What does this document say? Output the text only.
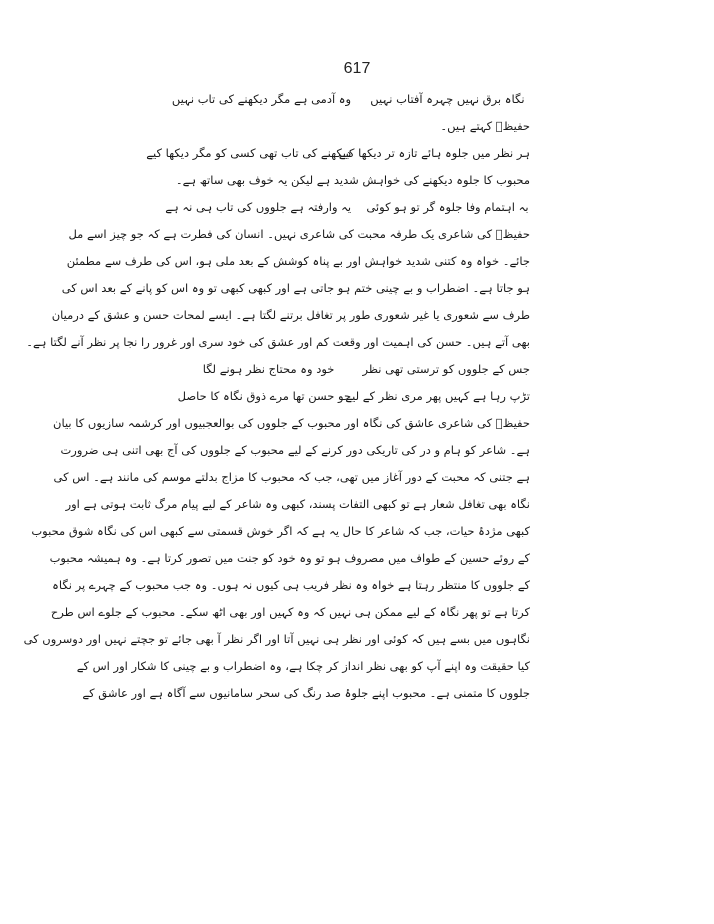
617
نگاہ برق نہیں چہرہ آفتاب نہیں
وہ آدمی ہے مگر دیکھنے کی تاب نہیں
حفیظؔ کہتے ہیں۔
ہر نظر میں جلوہ ہائے تازہ تر دیکھا کیے
دیکھنے کی تاب تھی کسی کو مگر دیکھا کیے
محبوب کا جلوہ دیکھنے کی خواہش شدید ہے لیکن یہ خوف بھی ساتھ ہے۔
بہ اہتمام وفا جلوہ گر تو ہو کوئی
یہ وارفتہ ہے جلووں کی تاب ہی نہ ہے
حفیظؔ کی شاعری یک طرفہ محبت کی شاعری نہیں۔ انسان کی فطرت ہے کہ جو چیز اسے مل
جائے۔ خواہ وہ کتنی شدید خواہش اور بے پناہ کوشش کے بعد ملی ہو، اس کی طرف سے مطمئن
ہو جاتا ہے۔ اضطراب و بے چینی ختم ہو جاتی ہے اور کبھی کبھی تو وہ اس کو پانے کے بعد اس کی
طرف سے شعوری یا غیر شعوری طور پر تغافل برتنے لگتا ہے۔ ایسے لمحات حسن و عشق کے درمیان
بھی آتے ہیں۔ حسن کی اہمیت اور وقعت کم اور عشق کی خود سری اور غرور را نجا پر نظر آنے لگتا ہے۔
جس کے جلووں کو ترستی تھی نظر
خود وہ محتاج نظر ہونے لگا
تڑپ رہا ہے کہیں پھر مری نظر کے لیے
جو حسن تھا مرے ذوق نگاہ کا حاصل
حفیظؔ کی شاعری عاشق کی نگاہ اور محبوب کے جلووں کی بوالعجبیوں اور کرشمہ سازیوں کا بیان
ہے۔ شاعر کو ہام و در کی تاریکی دور کرنے کے لیے محبوب کے جلووں کی آج بھی اتنی ہی ضرورت
ہے جتنی کہ محبت کے دور آغاز میں تھی، جب کہ محبوب کا مزاج بدلتے موسم کی مانند ہے۔ اس کی
نگاہ بھی تغافل شعار ہے تو کبھی التفات پسند، کبھی وہ شاعر کے لیے پیام مرگ ثابت ہوتی ہے اور
کبھی مژدۂ حیات، جب کہ شاعر کا حال یہ ہے کہ اگر خوش قسمتی سے کبھی اس کی نگاہ شوق محبوب
کے روئے حسین کے طواف میں مصروف ہو تو وہ خود کو جنت میں تصور کرتا ہے۔ وہ ہمیشہ محبوب
کے جلووں کا منتظر رہتا ہے خواہ وہ نظر فریب ہی کیوں نہ ہوں۔ وہ جب محبوب کے چہرے پر نگاہ
کرتا ہے تو پھر نگاہ کے لیے ممکن ہی نہیں کہ وہ کہیں اور بھی اٹھ سکے۔ محبوب کے جلوے اس طرح
نگاہوں میں بسے ہیں کہ کوئی اور نظر ہی نہیں آتا اور اگر نظر آ بھی جائے تو جچتے نہیں اور دوسروں کی
کیا حقیقت وہ اپنے آپ کو بھی نظر انداز کر چکا ہے، وہ اضطراب و بے چینی کا شکار اور اس کے
جلووں کا متمنی ہے۔ محبوب اپنے جلوۂ صد رنگ کی سحر سامانیوں سے آگاہ ہے اور عاشق کے
